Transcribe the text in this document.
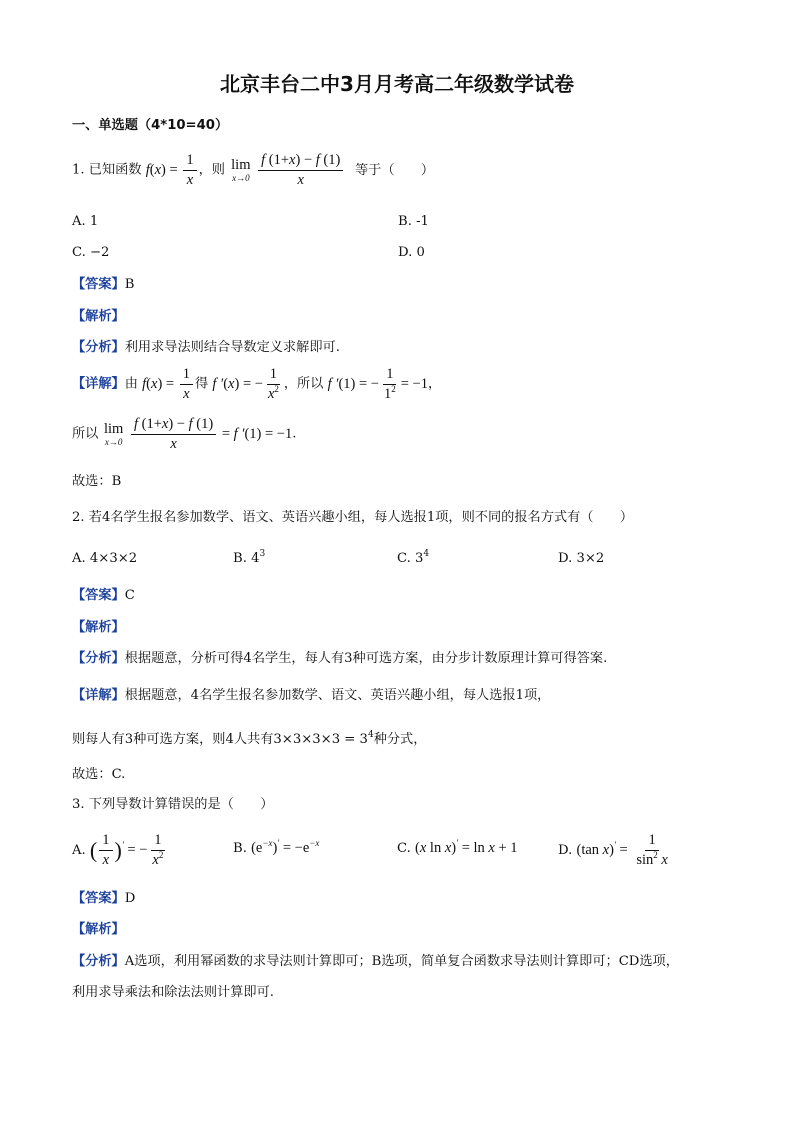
北京丰台二中3月月考高二年级数学试卷
一、单选题（4*10=40）
1. 已知函数 $f(x) = \frac{1}{x}$ ，则 lim
x→0
$\frac{f (1+x) - f (1)}{x}$ 等于（　　）
A. 1	B. -1
C. −2	D. 0
【答案】B
【解析】
【分析】利用求导法则结合导数定义求解即可.
【详解】由 $f(x) = \frac{1}{x}$ 得 f ′(x) = − $\frac{1}{x^2}$ ，所以 f ′(1) = − $\frac{1}{1^2} = -1$，
所以 lim
x→0
$\frac{f (1+x) - f (1)}{x} = f$ ′(1) = −1.
故选：B
2. 若4名学生报名参加数学、语文、英语兴趣小组，每人选报1项，则不同的报名方式有（　　）
A. 4×3×2	B. $4^3$	C. $3^4$	D. 3×2
【答案】C
【解析】
【分析】根据题意，分析可得4名学生，每人有3种可选方案，由分步计数原理计算可得答案.
【详解】根据题意，4名学生报名参加数学、语文、英语兴趣小组，每人选报1项，
则每人有3种可选方案，则4人共有$3\times 3\times 3\times 3 = 3^4$种分式，
故选：C.
3. 下列导数计算错误的是（　　）
A. ( $\frac{1}{x} )'$ = − $\frac{1}{x^2}$	B. $(e^{-x})' = -e^{-x}$	C. (x ln x)′ = ln x + 1	D. (tan $x)' = \frac{1}{\sin^2 x}$
【答案】D
【解析】
【分析】A选项，利用幂函数的求导法则计算即可；B选项，简单复合函数求导法则计算即可；CD选项，
利用求导乘法和除法法则计算即可.
